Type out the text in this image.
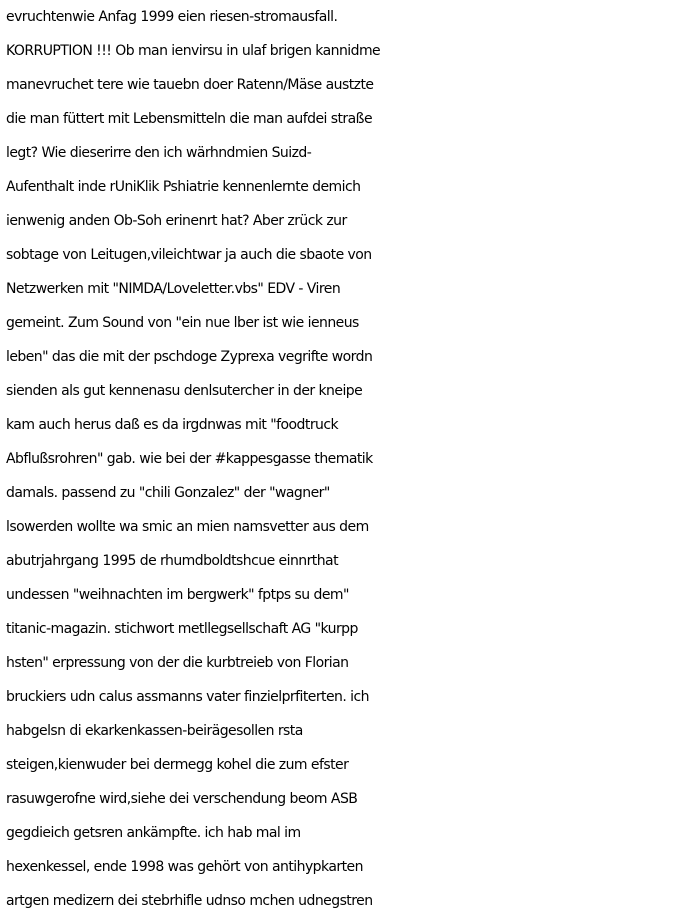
evruchtenwie Anfag 1999 eien riesen-stromausfall.
KORRUPTION !!! Ob man ienvirsu in ulaf brigen kannidme
manevruchet tere wie tauebn doer Ratenn/Mäse austzte
die man füttert mit Lebensmitteln die man aufdei straße
legt? Wie dieserirre den ich wärhndmien Suizd-
Aufenthalt inde rUniKlik Pshiatrie kennenlernte demich
ienwenig anden Ob-Soh erinenrt hat? Aber zrück zur
sobtage von Leitugen,vileichtwar ja auch die sbaote von
Netzwerken mit "NIMDA/Loveletter.vbs" EDV - Viren
gemeint. Zum Sound von "ein nue lber ist wie ienneus
leben" das die mit der pschdoge Zyprexa vegrifte wordn
sienden als gut kennenasu denlsutercher in der kneipe
kam auch herus daß es da irgdnwas mit "foodtruck
Abflußsrohren" gab. wie bei der #kappesgasse thematik
damals. passend zu "chili Gonzalez" der "wagner"
lsowerden wollte wa smic an mien namsvetter aus dem
abutrjahrgang 1995 de rhumdboldtshcue einnrthat
undessen "weihnachten im bergwerk" fptps su dem"
titanic-magazin. stichwort metllegsellschaft AG "kurpp
hsten" erpressung von der die kurbtreieb von Florian
bruckiers udn calus assmanns vater finzielprfiterten. ich
habgelsn di ekarkenkassen-beirägesollen rsta
steigen,kienwuder bei dermegg kohel die zum efster
rasuwgerofne wird,siehe dei verschendung beom ASB
gegdieich getsren ankämpfte. ich hab mal im
hexenkessel, ende 1998 was gehört von antihypkarten
artgen medizern dei stebrhifle udnso mchen udnegstren
